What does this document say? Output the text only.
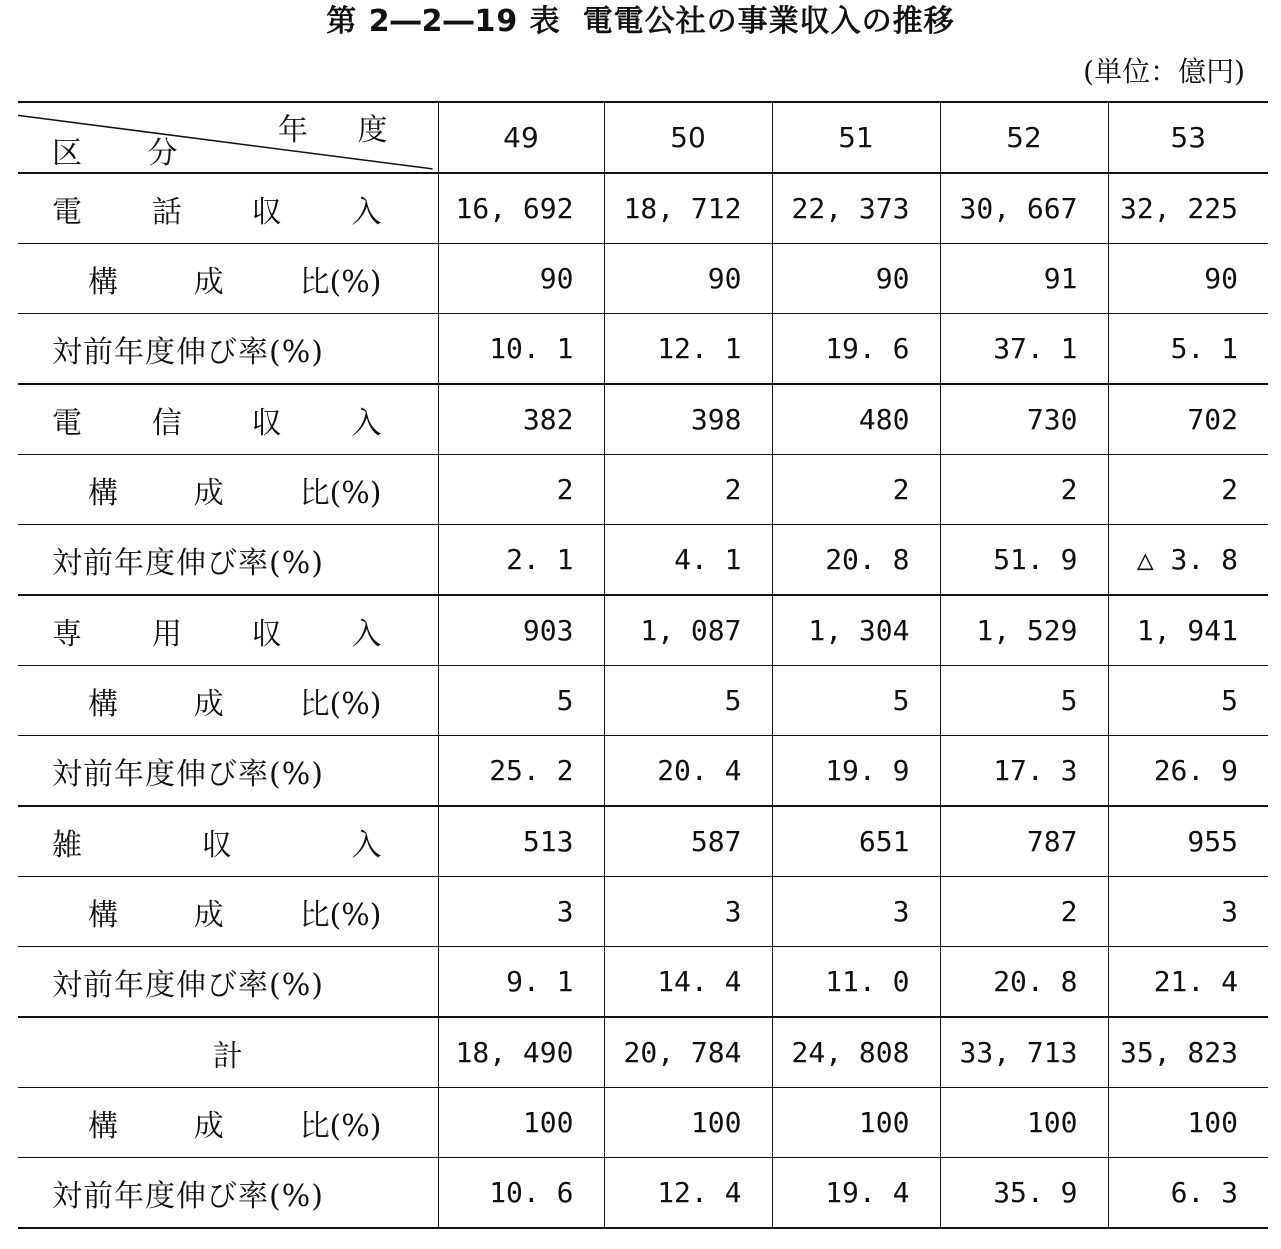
第 2―2―19 表 電電公社の事業収入の推移
(単位：億円)
年 度
区 分	49	50	51	52	53

電 話 収 入	16, 692	18, 712	22, 373	30, 667	32, 225

構 成 比(%)	90	90	90	91	90

対前年度伸び率(%)	10. 1	12. 1	19. 6	37. 1	5. 1

電 信 収 入	382	398	480	730	702

構 成 比(%)	2	2	2	2	2

対前年度伸び率(%)	2. 1	4. 1	20. 8	51. 9	△ 3. 8

専 用 収 入	903	1, 087	1, 304	1, 529	1, 941

構 成 比(%)	5	5	5	5	5

対前年度伸び率(%)	25. 2	20. 4	19. 9	17. 3	26. 9

雑 収 入	513	587	651	787	955

構 成 比(%)	3	3	3	2	3

対前年度伸び率(%)	9. 1	14. 4	11. 0	20. 8	21. 4

計	18, 490	20, 784	24, 808	33, 713	35, 823

構 成 比(%)	100	100	100	100	100

対前年度伸び率(%)	10. 6	12. 4	19. 4	35. 9	6. 3
